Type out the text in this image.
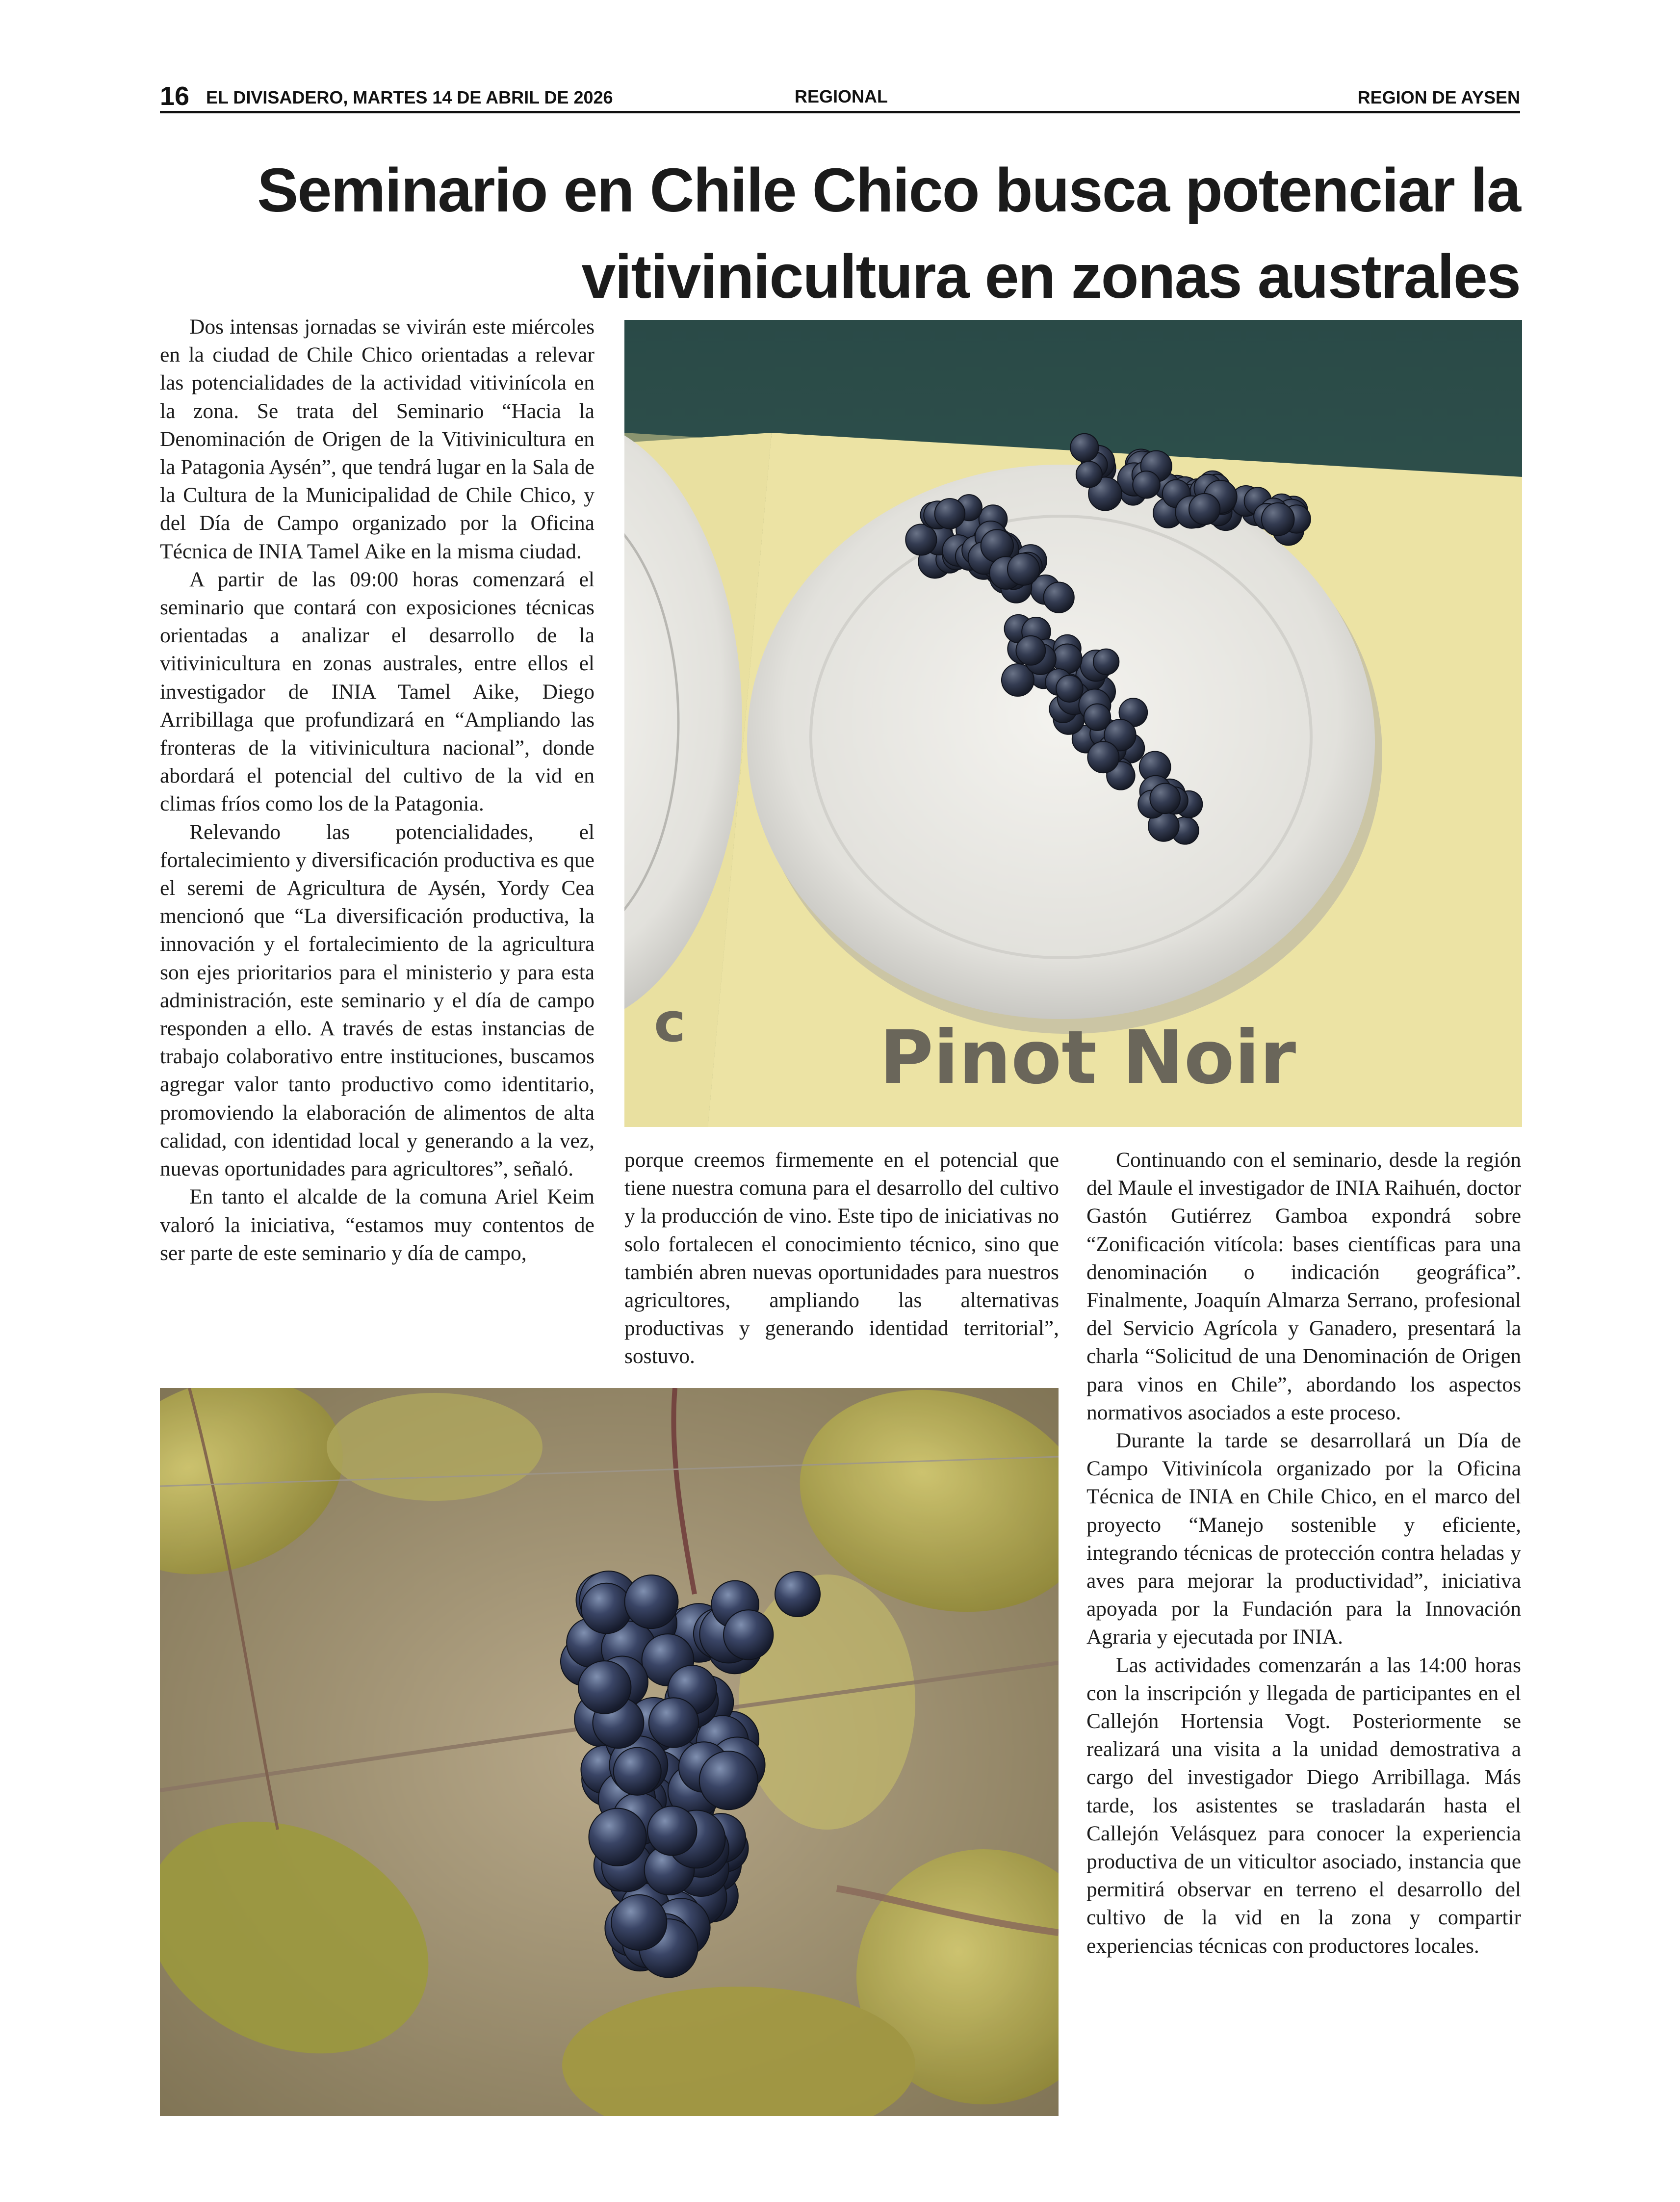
16 EL DIVISADERO, MARTES 14 DE ABRIL DE 2026	REGIONAL	REGION DE AYSEN
Seminario en Chile Chico busca potenciar la vitivinicultura en zonas australes

Dos intensas jornadas se vivirán este miércoles en la ciudad de Chile Chico orientadas a relevar las potencialidades de la actividad vitivinícola en la zona. Se trata del Seminario “Hacia la Denominación de Origen de la Vitivinicultura en la Patagonia Aysén”, que tendrá lugar en la Sala de la Cultura de la Municipalidad de Chile Chico, y del Día de Campo organizado por la Oficina Técnica de INIA Tamel Aike en la misma ciudad.

A partir de las 09:00 horas comenzará el seminario que contará con exposiciones técnicas orientadas a analizar el desarrollo de la vitivinicultura en zonas australes, entre ellos el investigador de INIA Tamel Aike, Diego Arribillaga que profundizará en “Ampliando las fronteras de la vitivinicultura nacional”, donde abordará el potencial del cultivo de la vid en climas fríos como los de la Patagonia.

Relevando las potencialidades, el fortalecimiento y diversificación productiva es que el seremi de Agricultura de Aysén, Yordy Cea mencionó que “La diversificación productiva, la innovación y el fortalecimiento de la agricultura son ejes prioritarios para el ministerio y para esta administración, este seminario y el día de campo responden a ello. A través de estas instancias de trabajo colaborativo entre instituciones, buscamos agregar valor tanto productivo como identitario, promoviendo la elaboración de alimentos de alta calidad, con identidad local y generando a la vez, nuevas oportunidades para agricultores”, señaló.

En tanto el alcalde de la comuna Ariel Keim valoró la iniciativa, “estamos muy contentos de ser parte de este seminario y día de campo,

porque creemos firmemente en el potencial que tiene nuestra comuna para el desarrollo del cultivo y la producción de vino. Este tipo de iniciativas no solo fortalecen el conocimiento técnico, sino que también abren nuevas oportunidades para nuestros agricultores, ampliando las alternativas productivas y generando identidad territorial”, sostuvo.

Continuando con el seminario, desde la región del Maule el investigador de INIA Raihuén, doctor Gastón Gutiérrez Gamboa expondrá sobre “Zonificación vitícola: bases científicas para una denominación o indicación geográfica”. Finalmente, Joaquín Almarza Serrano, profesional del Servicio Agrícola y Ganadero, presentará la charla “Solicitud de una Denominación de Origen para vinos en Chile”, abordando los aspectos normativos asociados a este proceso.

Durante la tarde se desarrollará un Día de Campo Vitivinícola organizado por la Oficina Técnica de INIA en Chile Chico, en el marco del proyecto “Manejo sostenible y eficiente, integrando técnicas de protección contra heladas y aves para mejorar la productividad”, iniciativa apoyada por la Fundación para la Innovación Agraria y ejecutada por INIA.

Las actividades comenzarán a las 14:00 horas con la inscripción y llegada de participantes en el Callejón Hortensia Vogt. Posteriormente se realizará una visita a la unidad demostrativa a cargo del investigador Diego Arribillaga. Más tarde, los asistentes se trasladarán hasta el Callejón Velásquez para conocer la experiencia productiva de un viticultor asociado, instancia que permitirá observar en terreno el desarrollo del cultivo de la vid en la zona y compartir experiencias técnicas con productores locales.

Pinot Noir
c
